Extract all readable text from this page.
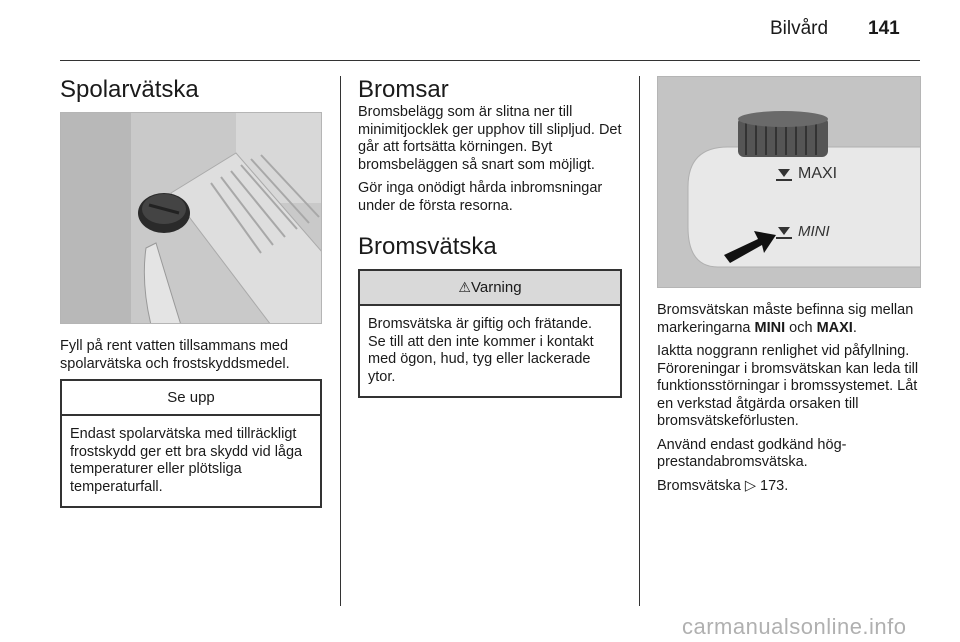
Bilvård 141
Spolarvätska

Fyll på rent vatten tillsammans med spolarvätska och frostskyddsmedel.

Se upp
Endast spolarvätska med tillräckligt frostskydd ger ett bra skydd vid låga temperaturer eller plötsliga temperaturfall.
Bromsar

Bromsbelägg som är slitna ner till minimitjocklek ger upphov till slipljud. Det går att fortsätta körningen. Byt bromsbeläggen så snart som möjligt.

Gör inga onödigt hårda inbromsningar under de första resorna.

Bromsvätska
⚠Varning
Bromsvätska är giftig och frätande. Se till att den inte kommer i kontakt med ögon, hud, tyg eller lackerade ytor.
MAXI
MINI

Bromsvätskan måste befinna sig mellan markeringarna MINI och MAXI.

Iaktta noggrann renlighet vid påfyllning. Föroreningar i bromsvätskan kan leda till funktionsstörningar i bromssystemet. Låt en verkstad åtgärda orsaken till bromsvätskeförlusten.

Använd endast godkänd högprestandabromsvätska.

Bromsvätska ▷ 173.

carmanualsonline.info
